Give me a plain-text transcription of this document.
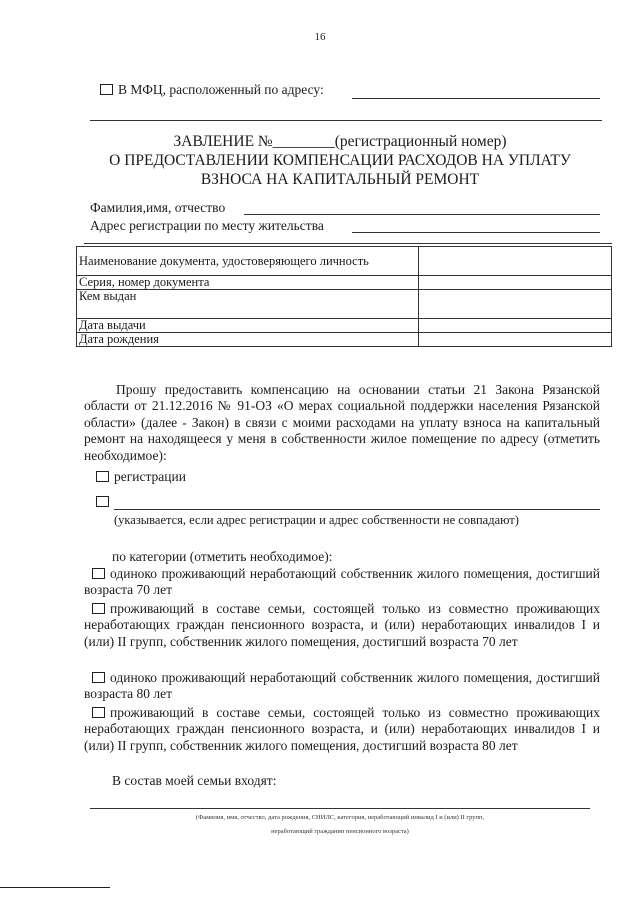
16
В МФЦ, расположенный по адресу:
ЗАВЛЕНИЕ №________(регистрационный номер)
О ПРЕДОСТАВЛЕНИИ КОМПЕНСАЦИИ РАСХОДОВ НА УПЛАТУ
ВЗНОСА НА КАПИТАЛЬНЫЙ РЕМОНТ
Фамилия,имя, отчество
Адрес регистрации по месту жительства
Наименование документа, удостоверяющего личность	
Серия, номер документа	
Кем выдан	
Дата выдачи	
Дата рождения	
Прошу предоставить компенсацию на основании статьи 21 Закона Рязанской области от 21.12.2016 № 91-ОЗ «О мерах социальной поддержки населения Рязанской области» (далее - Закон) в связи с моими расходами на уплату взноса на капитальный ремонт на находящееся у меня в собственности жилое помещение по адресу (отметить необходимое):
регистрации
(указывается, если адрес регистрации и адрес собственности не совпадают)
по категории (отметить необходимое):
одиноко проживающий неработающий собственник жилого помещения, достигший возраста 70 лет
проживающий в составе семьи, состоящей только из совместно проживающих неработающих граждан пенсионного возраста, и (или) неработающих инвалидов I и (или) II групп, собственник жилого помещения, достигший возраста 70 лет
одиноко проживающий неработающий собственник жилого помещения, достигший возраста 80 лет
проживающий в составе семьи, состоящей только из совместно проживающих неработающих граждан пенсионного возраста, и (или) неработающих инвалидов I и (или) II групп, собственник жилого помещения, достигший возраста 80 лет
В состав моей семьи входят:
(Фамилия, имя, отчество, дата рождения, СНИЛС, категория, неработающий инвалид I и (или) II групп,
неработающий гражданин пенсионного возраста)
